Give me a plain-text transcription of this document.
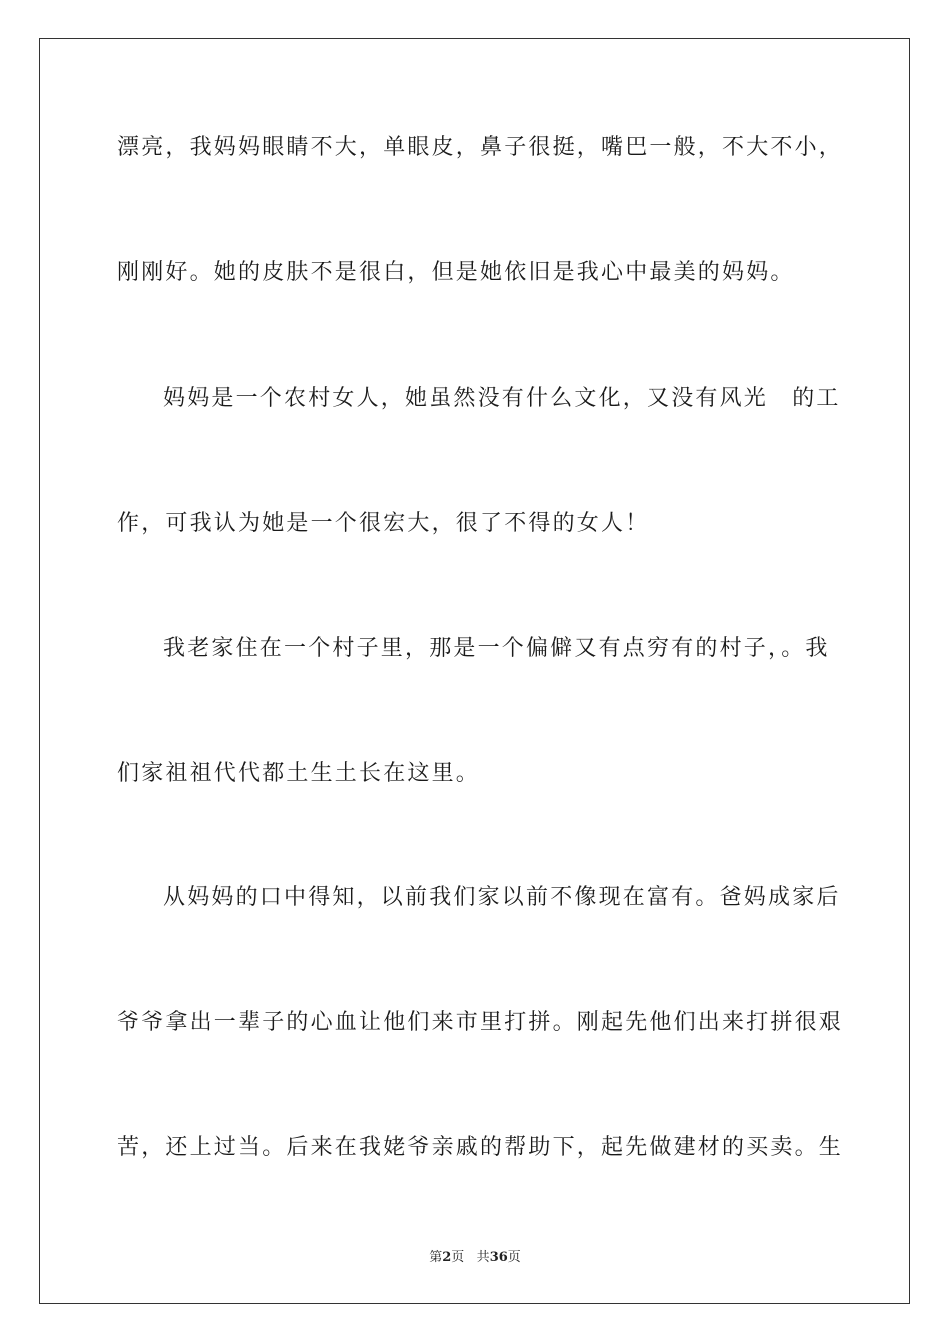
漂亮，我妈妈眼睛不大，单眼皮，鼻子很挺，嘴巴一般，不大不小，
刚刚好。她的皮肤不是很白，但是她依旧是我心中最美的妈妈。
妈妈是一个农村女人，她虽然没有什么文化，又没有风光　的工
作，可我认为她是一个很宏大，很了不得的女人！
我老家住在一个村子里，那是一个偏僻又有点穷有的村子，。我
们家祖祖代代都土生土长在这里。
从妈妈的口中得知，以前我们家以前不像现在富有。爸妈成家后
爷爷拿出一辈子的心血让他们来市里打拼。刚起先他们出来打拼很艰
苦，还上过当。后来在我姥爷亲戚的帮助下，起先做建材的买卖。生
第2页 共36页
